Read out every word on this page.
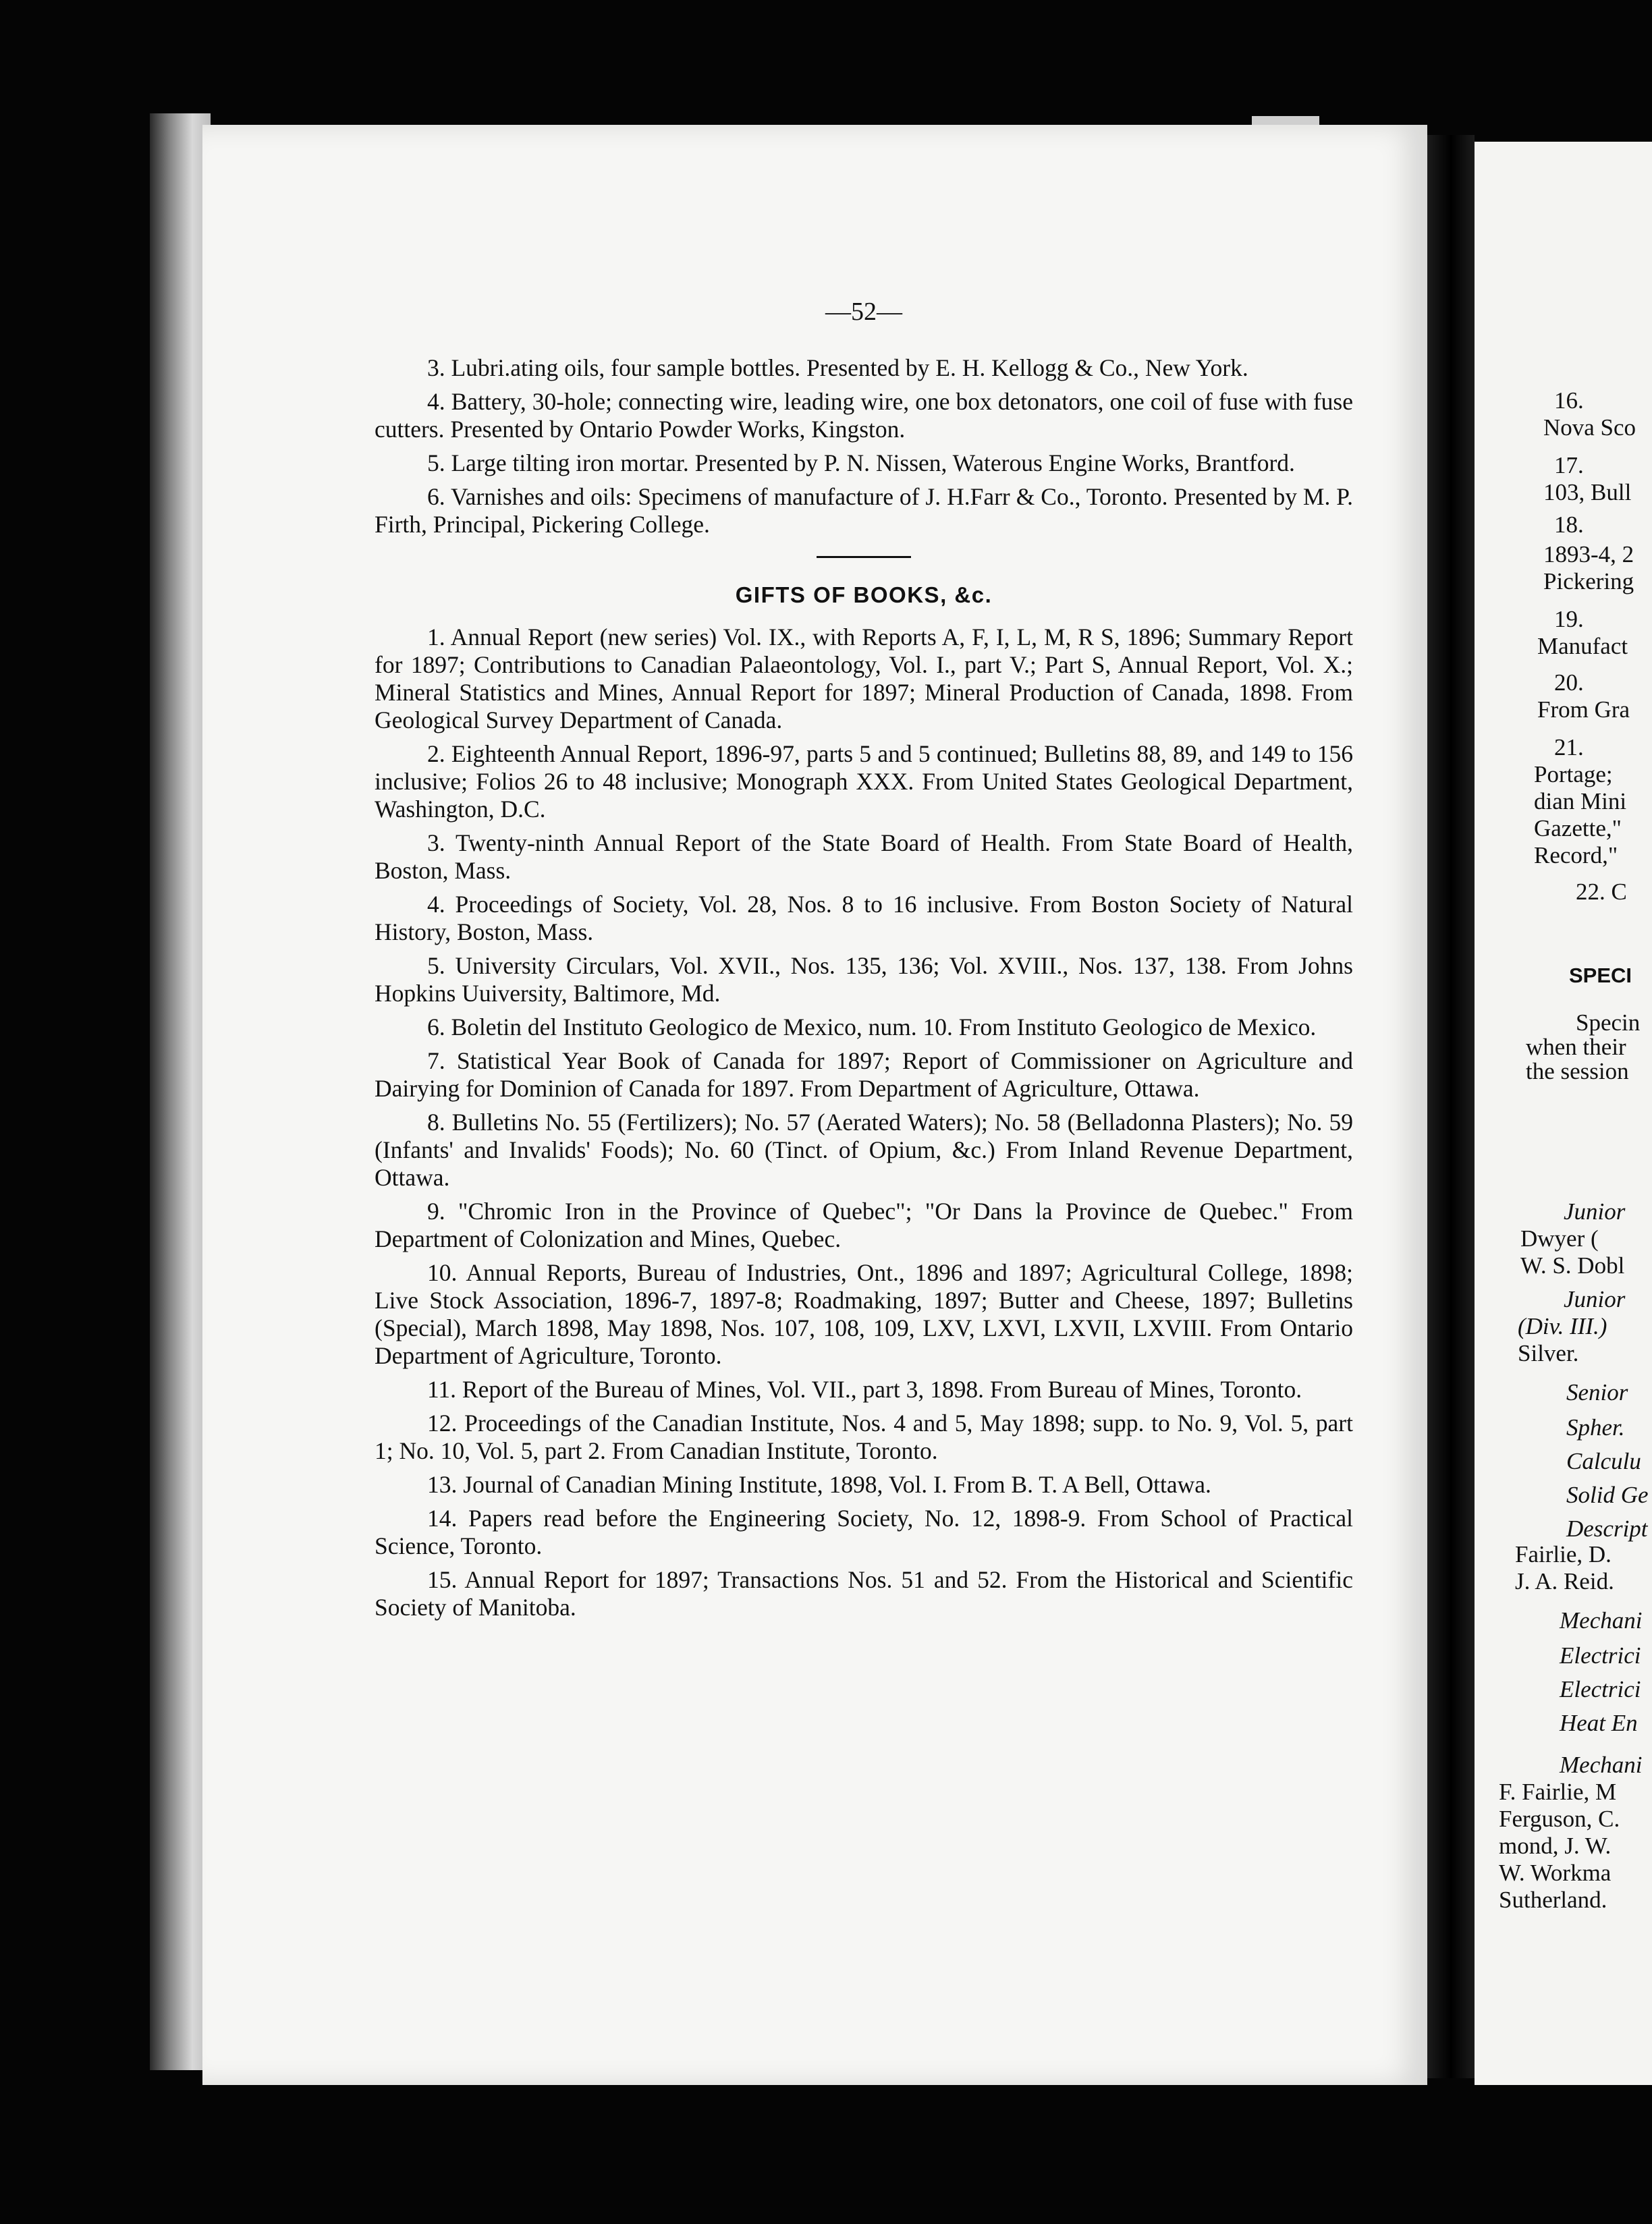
—52—

3. Lubri.ating oils, four sample bottles. Presented by E. H. Kellogg & Co., New York.

4. Battery, 30-hole; connecting wire, leading wire, one box detonators, one coil of fuse with fuse cutters. Presented by Ontario Powder Works, Kingston.

5. Large tilting iron mortar. Presented by P. N. Nissen, Waterous Engine Works, Brantford.

6. Varnishes and oils: Specimens of manufacture of J. H.Farr & Co., Toronto. Presented by M. P. Firth, Principal, Pickering College.

GIFTS OF BOOKS, &c.

1. Annual Report (new series) Vol. IX., with Reports A, F, I, L, M, R S, 1896; Summary Report for 1897; Contributions to Canadian Palaeontology, Vol. I., part V.; Part S, Annual Report, Vol. X.; Mineral Statistics and Mines, Annual Report for 1897; Mineral Production of Canada, 1898. From Geological Survey Department of Canada.

2. Eighteenth Annual Report, 1896-97, parts 5 and 5 continued; Bulletins 88, 89, and 149 to 156 inclusive; Folios 26 to 48 inclusive; Monograph XXX. From United States Geological Department, Washington, D.C.

3. Twenty-ninth Annual Report of the State Board of Health. From State Board of Health, Boston, Mass.

4. Proceedings of Society, Vol. 28, Nos. 8 to 16 inclusive. From Boston Society of Natural History, Boston, Mass.

5. University Circulars, Vol. XVII., Nos. 135, 136; Vol. XVIII., Nos. 137, 138. From Johns Hopkins Uuiversity, Baltimore, Md.

6. Boletin del Instituto Geologico de Mexico, num. 10. From Instituto Geologico de Mexico.

7. Statistical Year Book of Canada for 1897; Report of Commissioner on Agriculture and Dairying for Dominion of Canada for 1897. From Department of Agriculture, Ottawa.

8. Bulletins No. 55 (Fertilizers); No. 57 (Aerated Waters); No. 58 (Belladonna Plasters); No. 59 (Infants' and Invalids' Foods); No. 60 (Tinct. of Opium, &c.) From Inland Revenue Department, Ottawa.

9. "Chromic Iron in the Province of Quebec"; "Or Dans la Province de Quebec." From Department of Colonization and Mines, Quebec.

10. Annual Reports, Bureau of Industries, Ont., 1896 and 1897; Agricultural College, 1898; Live Stock Association, 1896-7, 1897-8; Roadmaking, 1897; Butter and Cheese, 1897; Bulletins (Special), March 1898, May 1898, Nos. 107, 108, 109, LXV, LXVI, LXVII, LXVIII. From Ontario Department of Agriculture, Toronto.

11. Report of the Bureau of Mines, Vol. VII., part 3, 1898. From Bureau of Mines, Toronto.

12. Proceedings of the Canadian Institute, Nos. 4 and 5, May 1898; supp. to No. 9, Vol. 5, part 1; No. 10, Vol. 5, part 2. From Canadian Institute, Toronto.

13. Journal of Canadian Mining Institute, 1898, Vol. I. From B. T. A Bell, Ottawa.

14. Papers read before the Engineering Society, No. 12, 1898-9. From School of Practical Science, Toronto.

15. Annual Report for 1897; Transactions Nos. 51 and 52. From the Historical and Scientific Society of Manitoba.

16.
Nova Sco
17.
103, Bull
18.
1893-4, 2
Pickering
19.
Manufact
20.
From Gra
21.
Portage;
dian Mini
Gazette,"
Record,"
22. C
SPECI
Specin
when their
the session
Junior
Dwyer (
W. S. Dobl
Junior
(Div. III.)
Silver.
Senior
Spher.
Calculu
Solid Ge
Descript
Fairlie, D.
J. A. Reid.
Mechani
Electrici
Electrici
Heat En
Mechani
F. Fairlie, M
Ferguson, C.
mond, J. W.
W. Workma
Sutherland.
